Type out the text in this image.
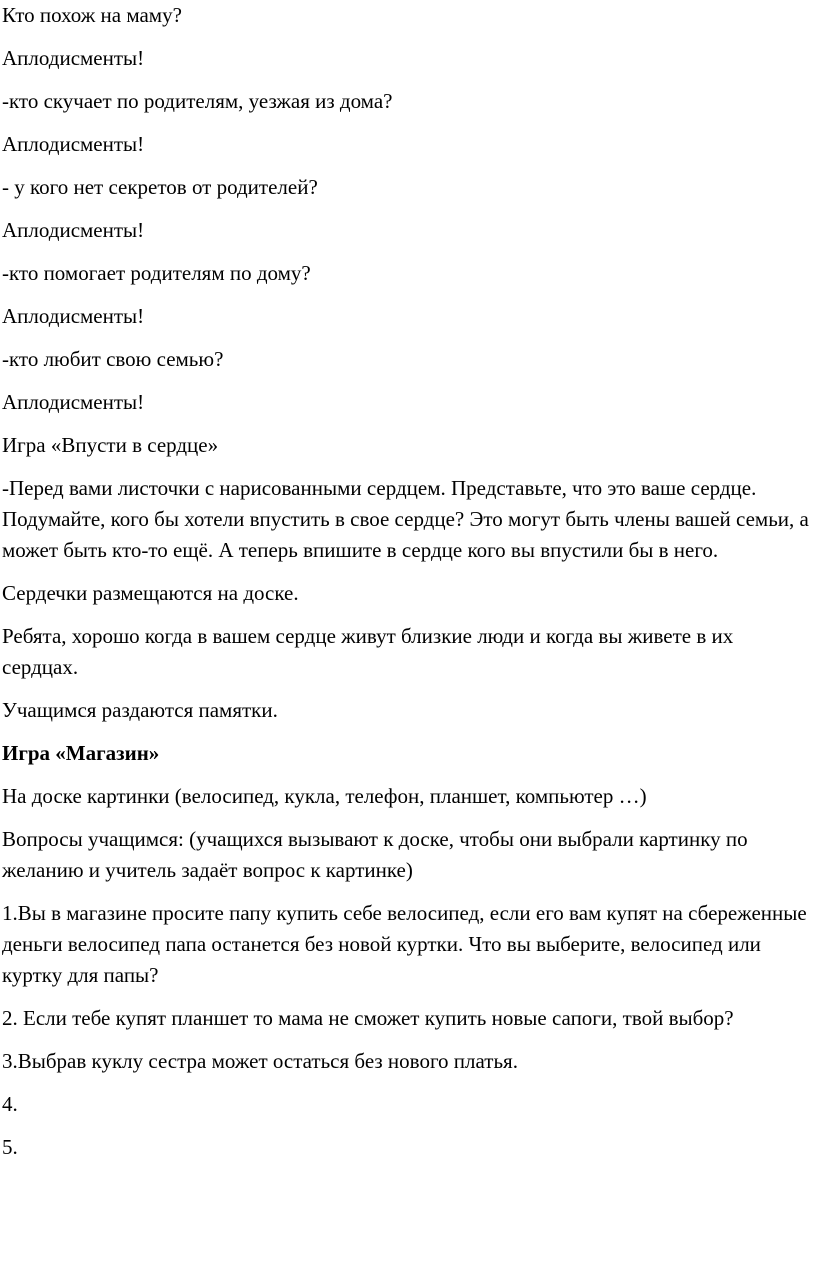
Кто похож на маму?

Аплодисменты!

-кто скучает по родителям, уезжая из дома?

Аплодисменты!

- у кого нет секретов от родителей?

Аплодисменты!

-кто помогает родителям по дому?

Аплодисменты!

-кто любит свою семью?

Аплодисменты!

Игра «Впусти в сердце»

-Перед вами листочки с нарисованными сердцем. Представьте, что это ваше сердце. Подумайте, кого бы хотели впустить в свое сердце? Это могут быть члены вашей семьи, а может быть кто-то ещё. А теперь впишите в сердце кого вы впустили бы в него.

Сердечки размещаются на доске.

Ребята, хорошо когда в вашем сердце живут близкие люди и когда вы живете в их сердцах.

Учащимся раздаются памятки.

Игра «Магазин»

На доске картинки (велосипед, кукла, телефон, планшет, компьютер …)

Вопросы учащимся: (учащихся вызывают к доске, чтобы они выбрали картинку по желанию и учитель задаёт вопрос к картинке)

1.Вы в магазине просите папу купить себе велосипед, если его вам купят на сбереженные деньги велосипед папа останется без новой куртки. Что вы выберите, велосипед или куртку для папы?

2. Если тебе купят планшет то мама не сможет купить новые сапоги, твой выбор?

3.Выбрав куклу сестра может остаться без нового платья.

4.

5.
